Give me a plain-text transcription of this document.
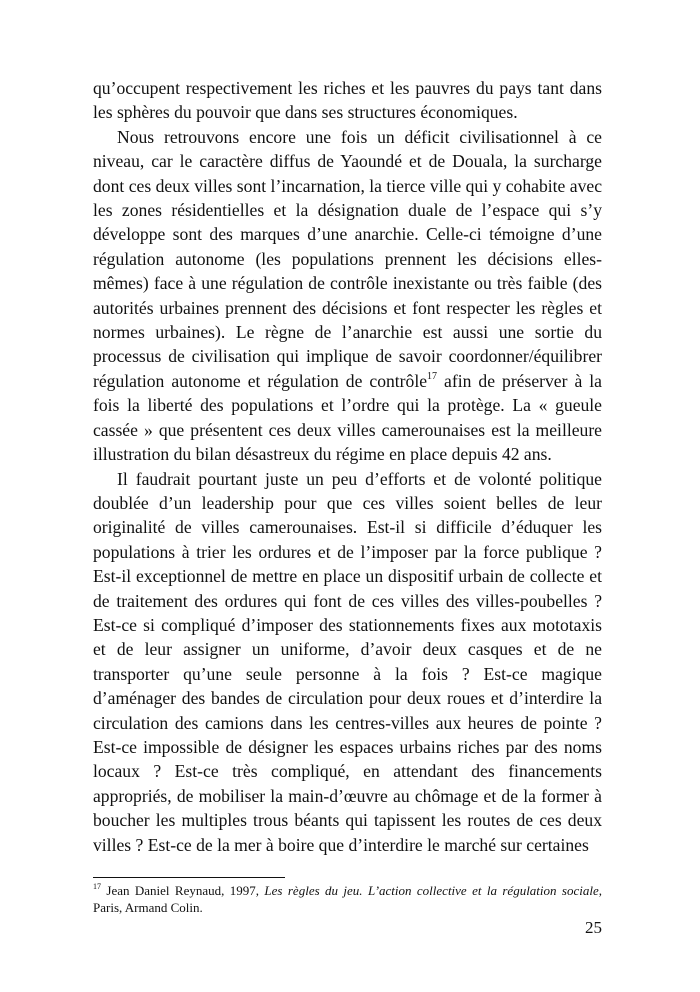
qu’occupent respectivement les riches et les pauvres du pays tant dans les sphères du pouvoir que dans ses structures économiques.

Nous retrouvons encore une fois un déficit civilisationnel à ce niveau, car le caractère diffus de Yaoundé et de Douala, la surcharge dont ces deux villes sont l’incarnation, la tierce ville qui y cohabite avec les zones résidentielles et la désignation duale de l’espace qui s’y développe sont des marques d’une anarchie. Celle-ci témoigne d’une régulation autonome (les populations prennent les décisions elles-mêmes) face à une régulation de contrôle inexistante ou très faible (des autorités urbaines prennent des décisions et font respecter les règles et normes urbaines). Le règne de l’anarchie est aussi une sortie du processus de civilisation qui implique de savoir coordonner/équilibrer régulation autonome et régulation de contrôle$^{17}$ afin de préserver à la fois la liberté des populations et l’ordre qui la protège. La « gueule cassée » que présentent ces deux villes camerounaises est la meilleure illustration du bilan désastreux du régime en place depuis 42 ans.

Il faudrait pourtant juste un peu d’efforts et de volonté politique doublée d’un leadership pour que ces villes soient belles de leur originalité de villes camerounaises. Est-il si difficile d’éduquer les populations à trier les ordures et de l’imposer par la force publique ? Est-il exceptionnel de mettre en place un dispositif urbain de collecte et de traitement des ordures qui font de ces villes des villes-poubelles ? Est-ce si compliqué d’imposer des stationnements fixes aux mototaxis et de leur assigner un uniforme, d’avoir deux casques et de ne transporter qu’une seule personne à la fois ? Est-ce magique d’aménager des bandes de circulation pour deux roues et d’interdire la circulation des camions dans les centres-villes aux heures de pointe ? Est-ce impossible de désigner les espaces urbains riches par des noms locaux ? Est-ce très compliqué, en attendant des financements appropriés, de mobiliser la main-d’œuvre au chômage et de la former à boucher les multiples trous béants qui tapissent les routes de ces deux villes ? Est-ce de la mer à boire que d’interdire le marché sur certaines

$^{17}$ Jean Daniel Reynaud, 1997, Les règles du jeu. L’action collective et la régulation sociale, Paris, Armand Colin.
25
